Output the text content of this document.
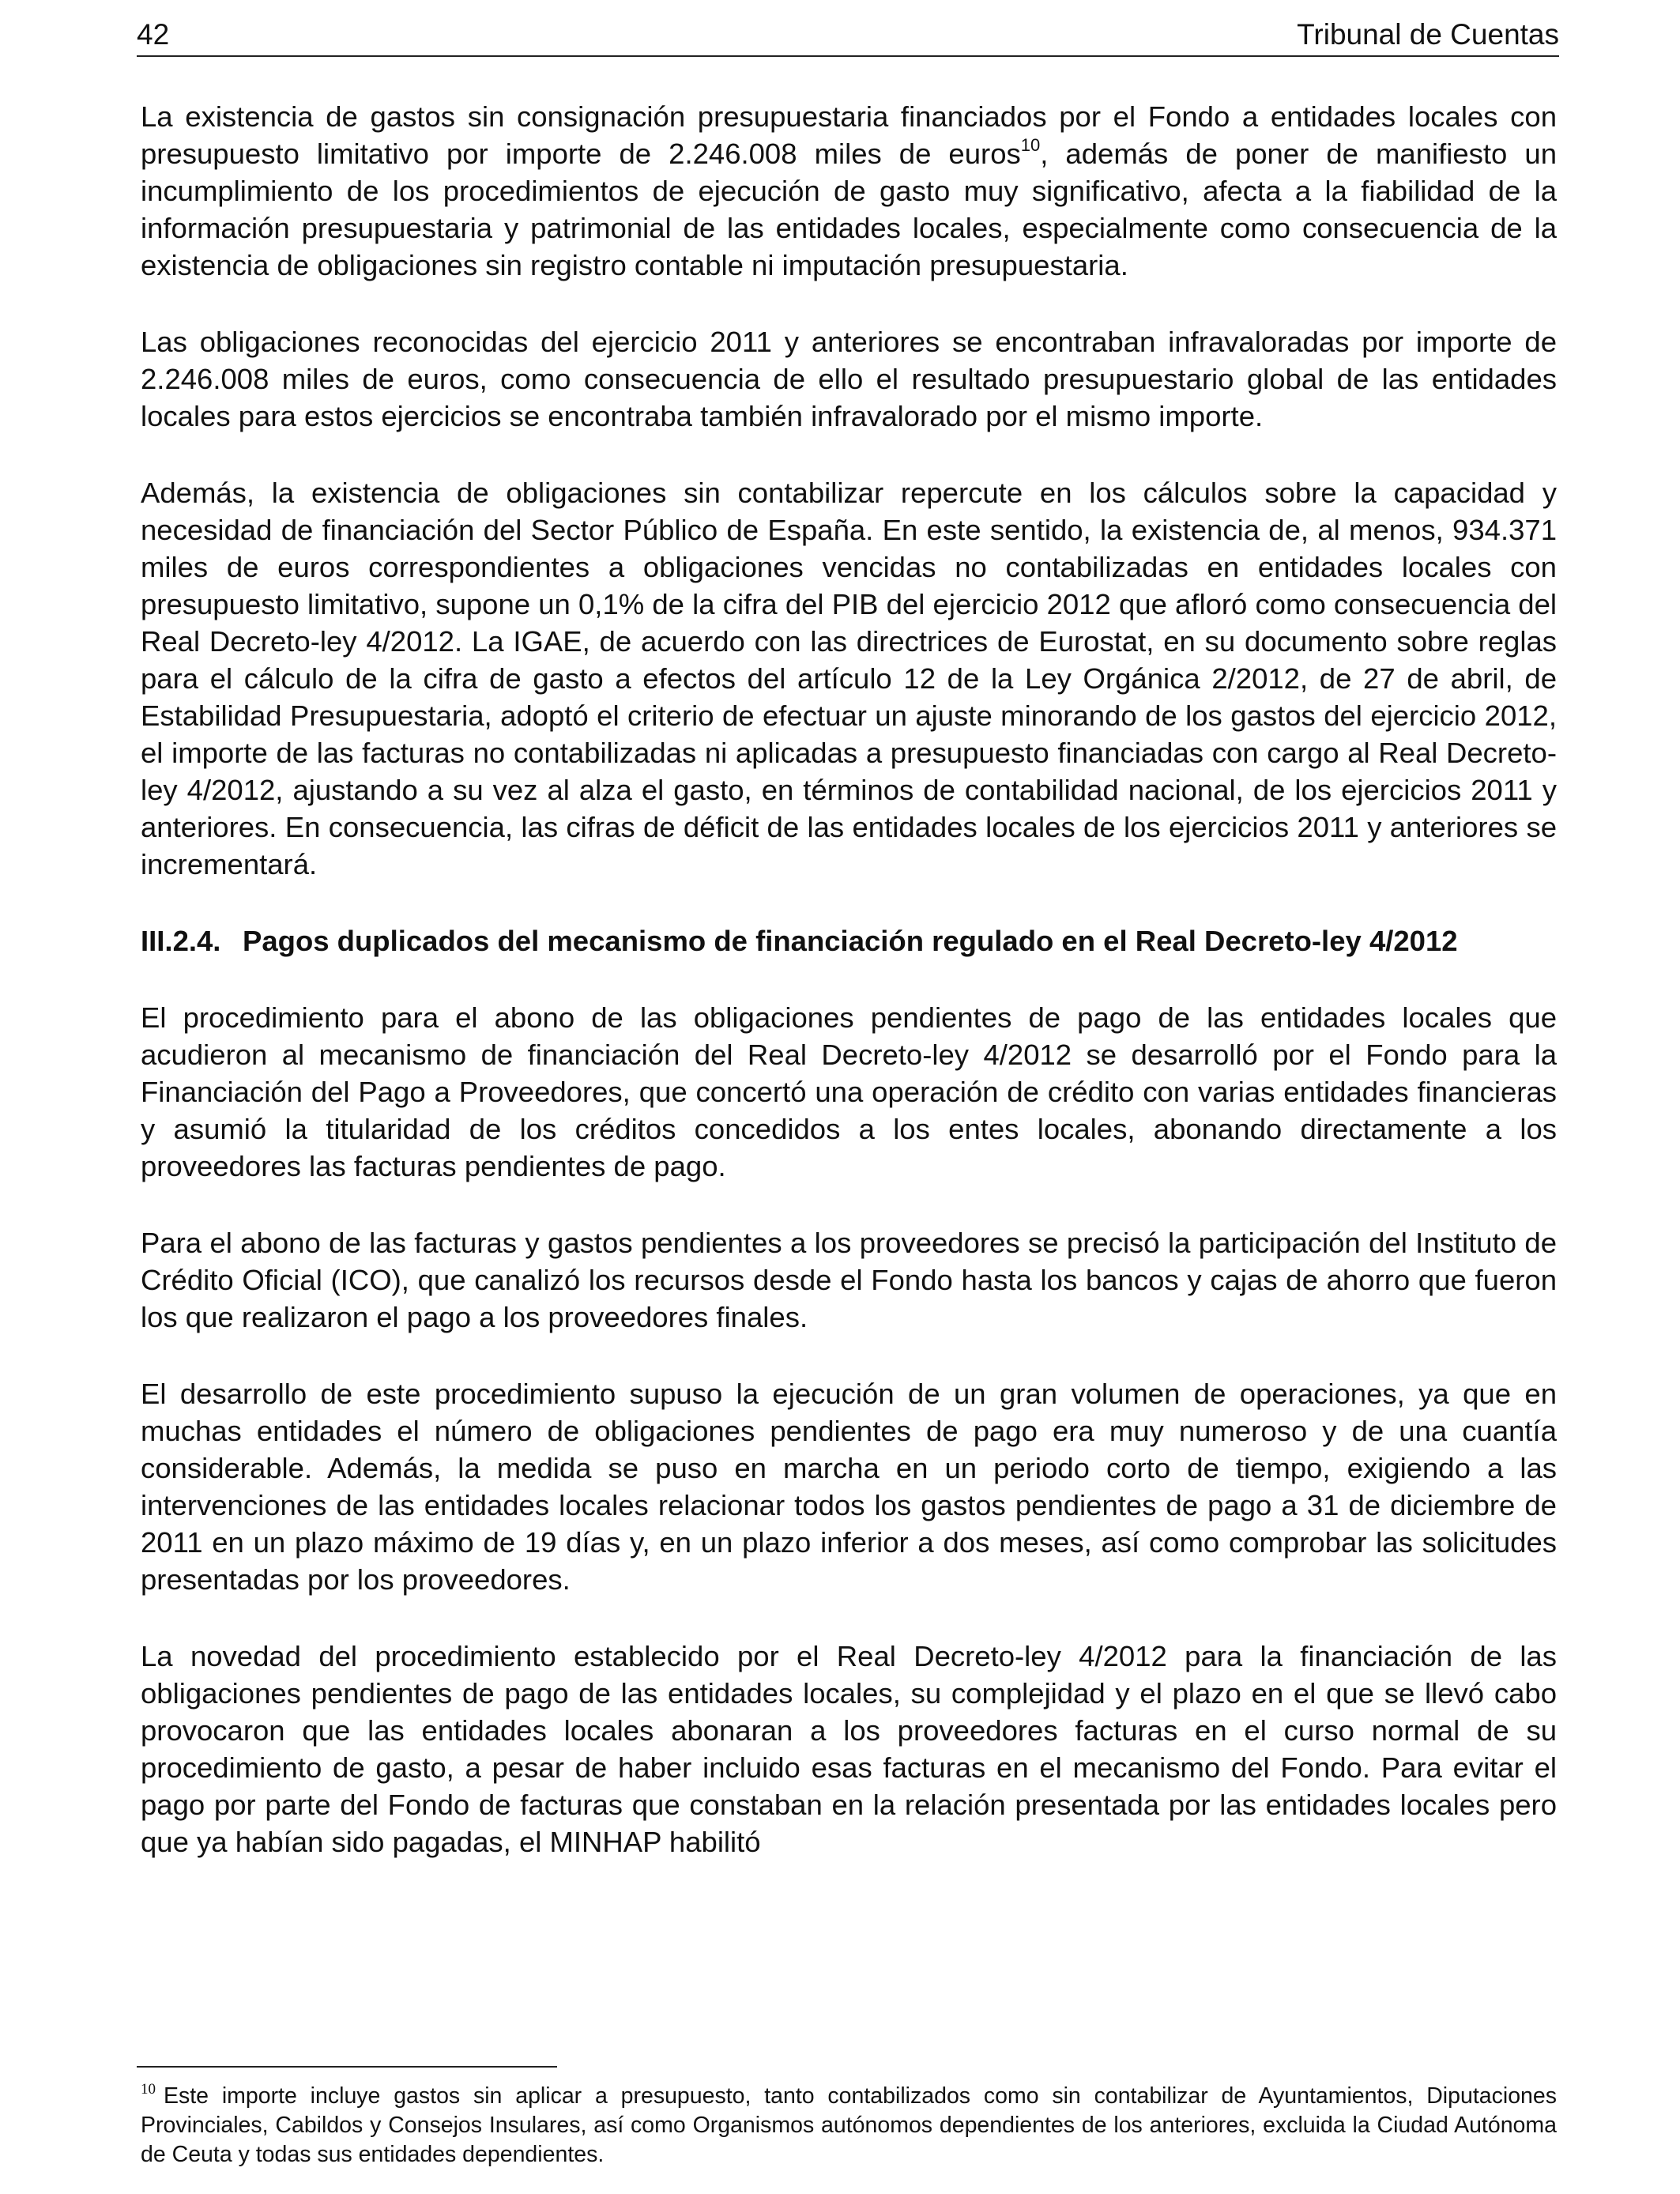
42	Tribunal de Cuentas

La existencia de gastos sin consignación presupuestaria financiados por el Fondo a entidades locales con presupuesto limitativo por importe de 2.246.008 miles de euros$^{10}$, además de poner de manifiesto un incumplimiento de los procedimientos de ejecución de gasto muy significativo, afecta a la fiabilidad de la información presupuestaria y patrimonial de las entidades locales, especialmente como consecuencia de la existencia de obligaciones sin registro contable ni imputación presupuestaria.

Las obligaciones reconocidas del ejercicio 2011 y anteriores se encontraban infravaloradas por importe de 2.246.008 miles de euros, como consecuencia de ello el resultado presupuestario global de las entidades locales para estos ejercicios se encontraba también infravalorado por el mismo importe.

Además, la existencia de obligaciones sin contabilizar repercute en los cálculos sobre la capacidad y necesidad de financiación del Sector Público de España. En este sentido, la existencia de, al menos, 934.371 miles de euros correspondientes a obligaciones vencidas no contabilizadas en entidades locales con presupuesto limitativo, supone un 0,1% de la cifra del PIB del ejercicio 2012 que afloró como consecuencia del Real Decreto-ley 4/2012. La IGAE, de acuerdo con las directrices de Eurostat, en su documento sobre reglas para el cálculo de la cifra de gasto a efectos del artículo 12 de la Ley Orgánica 2/2012, de 27 de abril, de Estabilidad Presupuestaria, adoptó el criterio de efectuar un ajuste minorando de los gastos del ejercicio 2012, el importe de las facturas no contabilizadas ni aplicadas a presupuesto financiadas con cargo al Real Decreto-ley 4/2012, ajustando a su vez al alza el gasto, en términos de contabilidad nacional, de los ejercicios 2011 y anteriores. En consecuencia, las cifras de déficit de las entidades locales de los ejercicios 2011 y anteriores se incrementará.

III.2.4. Pagos duplicados del mecanismo de financiación regulado en el Real Decreto-ley 4/2012

El procedimiento para el abono de las obligaciones pendientes de pago de las entidades locales que acudieron al mecanismo de financiación del Real Decreto-ley 4/2012 se desarrolló por el Fondo para la Financiación del Pago a Proveedores, que concertó una operación de crédito con varias entidades financieras y asumió la titularidad de los créditos concedidos a los entes locales, abonando directamente a los proveedores las facturas pendientes de pago.

Para el abono de las facturas y gastos pendientes a los proveedores se precisó la participación del Instituto de Crédito Oficial (ICO), que canalizó los recursos desde el Fondo hasta los bancos y cajas de ahorro que fueron los que realizaron el pago a los proveedores finales.

El desarrollo de este procedimiento supuso la ejecución de un gran volumen de operaciones, ya que en muchas entidades el número de obligaciones pendientes de pago era muy numeroso y de una cuantía considerable. Además, la medida se puso en marcha en un periodo corto de tiempo, exigiendo a las intervenciones de las entidades locales relacionar todos los gastos pendientes de pago a 31 de diciembre de 2011 en un plazo máximo de 19 días y, en un plazo inferior a dos meses, así como comprobar las solicitudes presentadas por los proveedores.

La novedad del procedimiento establecido por el Real Decreto-ley 4/2012 para la financiación de las obligaciones pendientes de pago de las entidades locales, su complejidad y el plazo en el que se llevó cabo provocaron que las entidades locales abonaran a los proveedores facturas en el curso normal de su procedimiento de gasto, a pesar de haber incluido esas facturas en el mecanismo del Fondo. Para evitar el pago por parte del Fondo de facturas que constaban en la relación presentada por las entidades locales pero que ya habían sido pagadas, el MINHAP habilitó

$^{10}$ Este importe incluye gastos sin aplicar a presupuesto, tanto contabilizados como sin contabilizar de Ayuntamientos, Diputaciones Provinciales, Cabildos y Consejos Insulares, así como Organismos autónomos dependientes de los anteriores, excluida la Ciudad Autónoma de Ceuta y todas sus entidades dependientes.
